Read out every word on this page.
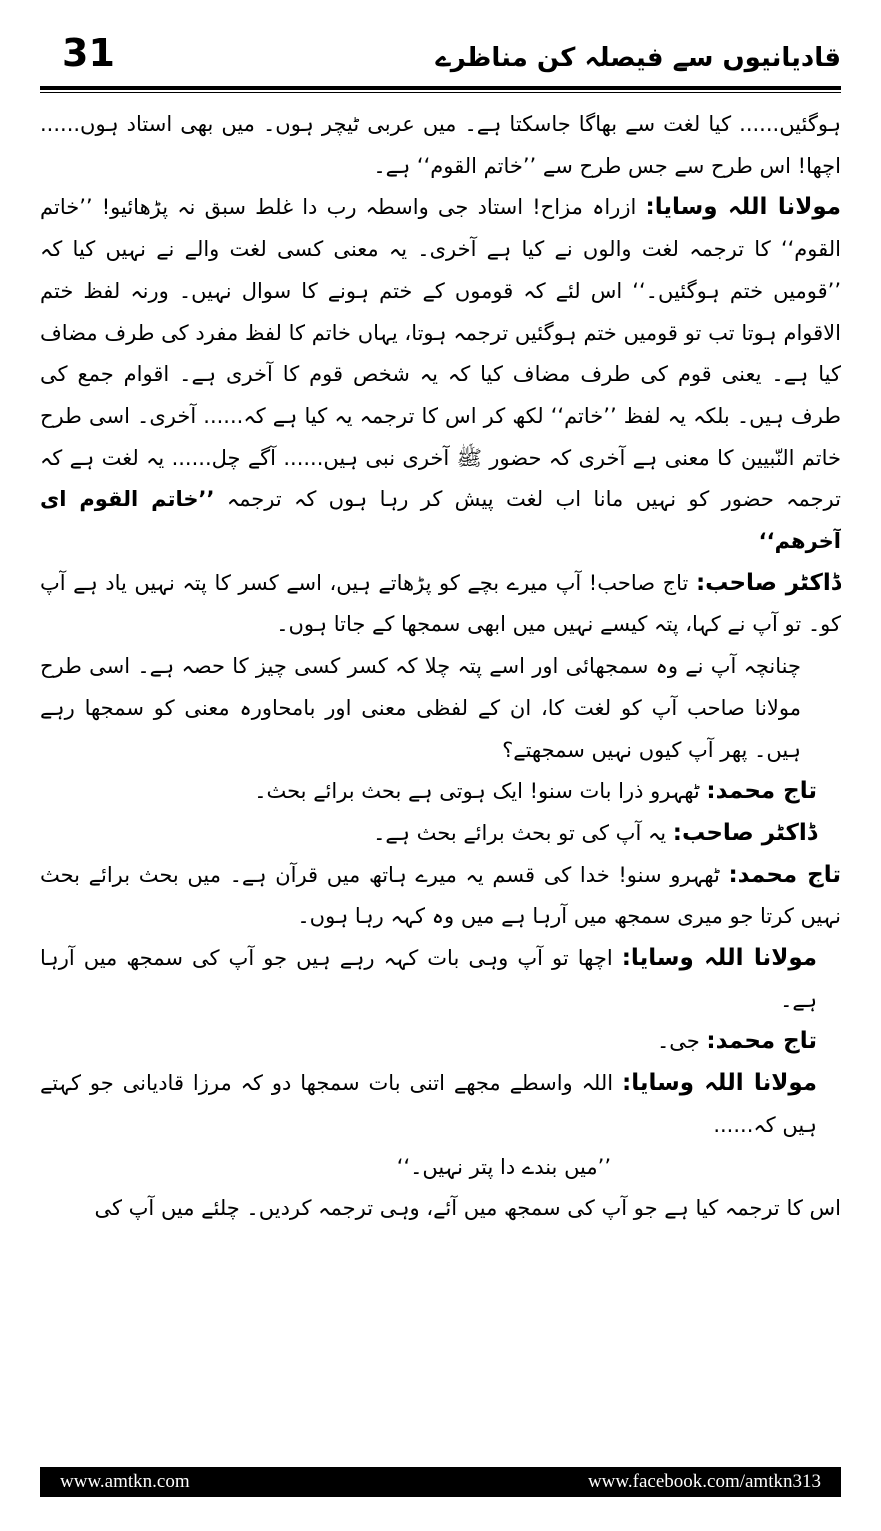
31	قادیانیوں سے فیصلہ کن مناظرے

ہوگئیں...... کیا لغت سے بھاگا جاسکتا ہے۔ میں عربی ٹیچر ہوں۔ میں بھی استاد ہوں...... اچھا! اس طرح سے جس طرح سے ’’خاتم القوم‘‘ ہے۔

مولانا اللہ وسایا: ازراہ مزاح! استاد جی واسطہ رب دا غلط سبق نہ پڑھائیو! ’’خاتم القوم‘‘ کا ترجمہ لغت والوں نے کیا ہے آخری۔ یہ معنی کسی لغت والے نے نہیں کیا کہ ’’قومیں ختم ہوگئیں۔‘‘ اس لئے کہ قوموں کے ختم ہونے کا سوال نہیں۔ ورنہ لفظ ختم الاقوام ہوتا تب تو قومیں ختم ہوگئیں ترجمہ ہوتا، یہاں خاتم کا لفظ مفرد کی طرف مضاف کیا ہے۔ یعنی قوم کی طرف مضاف کیا کہ یہ شخص قوم کا آخری ہے۔ اقوام جمع کی طرف ہیں۔ بلکہ یہ لفظ ’’خاتم‘‘ لکھ کر اس کا ترجمہ یہ کیا ہے کہ...... آخری۔ اسی طرح خاتم النّبیین کا معنی ہے آخری کہ حضور ﷺ آخری نبی ہیں...... آگے چل...... یہ لغت ہے کہ ترجمہ حضور کو نہیں مانا اب لغت پیش کر رہا ہوں کہ ترجمہ ’’خاتم القوم ای آخرھم‘‘

ڈاکٹر صاحب: تاج صاحب! آپ میرے بچے کو پڑھاتے ہیں، اسے کسر کا پتہ نہیں یاد ہے آپ کو۔ تو آپ نے کہا، پتہ کیسے نہیں میں ابھی سمجھا کے جاتا ہوں۔

چنانچہ آپ نے وہ سمجھائی اور اسے پتہ چلا کہ کسر کسی چیز کا حصہ ہے۔ اسی طرح مولانا صاحب آپ کو لغت کا، ان کے لفظی معنی اور بامحاورہ معنی کو سمجھا رہے ہیں۔ پھر آپ کیوں نہیں سمجھتے؟

تاج محمد: ٹھہرو ذرا بات سنو! ایک ہوتی ہے بحث برائے بحث۔

ڈاکٹر صاحب: یہ آپ کی تو بحث برائے بحث ہے۔

تاج محمد: ٹھہرو سنو! خدا کی قسم یہ میرے ہاتھ میں قرآن ہے۔ میں بحث برائے بحث نہیں کرتا جو میری سمجھ میں آرہا ہے میں وہ کہہ رہا ہوں۔

مولانا اللہ وسایا: اچھا تو آپ وہی بات کہہ رہے ہیں جو آپ کی سمجھ میں آرہا ہے۔

تاج محمد: جی۔

مولانا اللہ وسایا: اللہ واسطے مجھے اتنی بات سمجھا دو کہ مرزا قادیانی جو کہتے ہیں کہ......

’’میں بندے دا پتر نہیں۔‘‘

اس کا ترجمہ کیا ہے جو آپ کی سمجھ میں آئے، وہی ترجمہ کردیں۔ چلئے میں آپ کی

www.amtkn.com	www.facebook.com/amtkn313
